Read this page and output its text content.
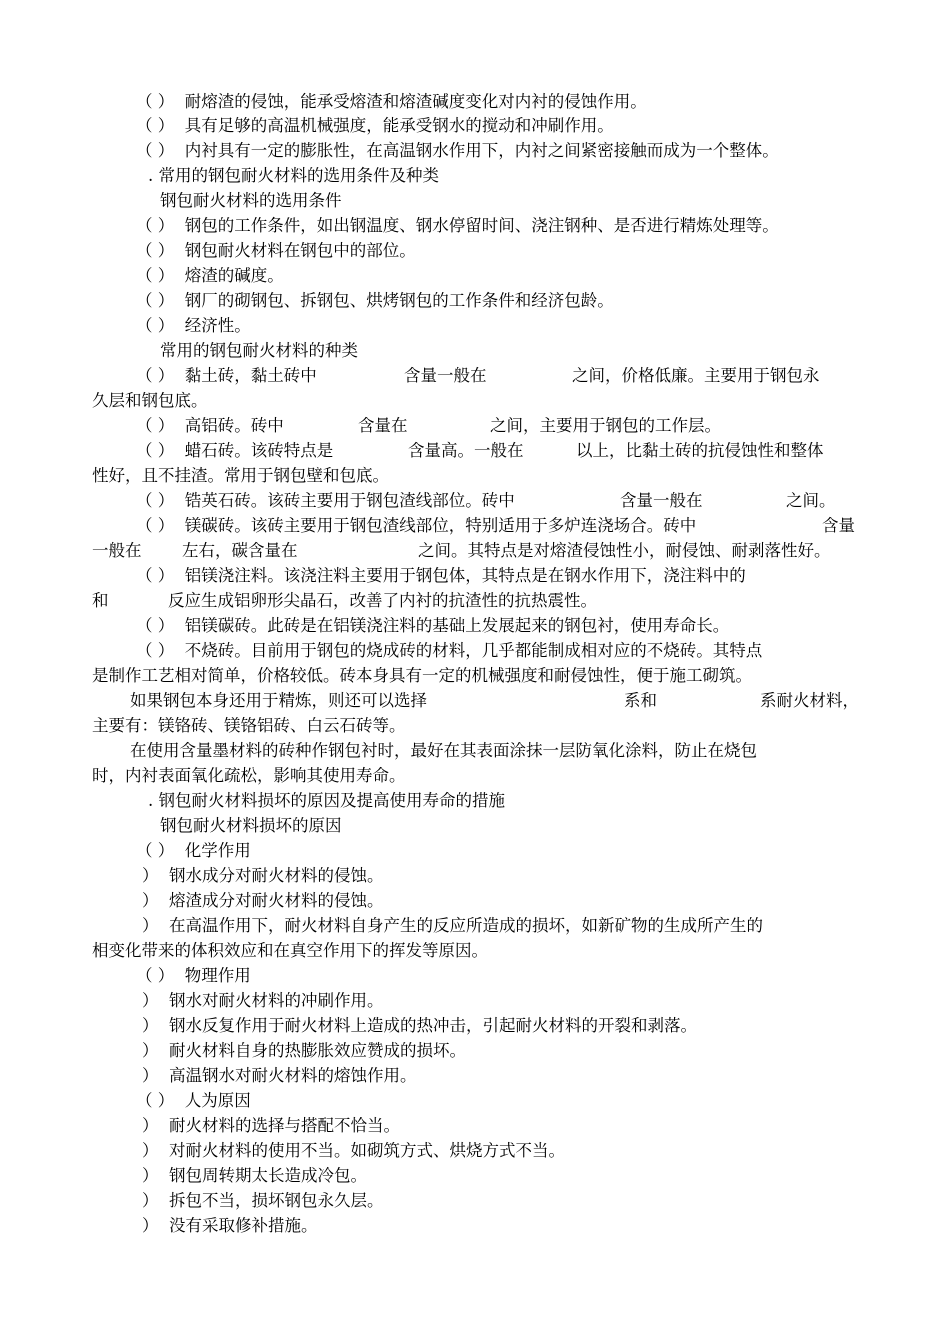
（ ）  耐熔渣的侵蚀，能承受熔渣和熔渣碱度变化对内衬的侵蚀作用。
（ ）  具有足够的高温机械强度，能承受钢水的搅动和冲刷作用。
（ ）  内衬具有一定的膨胀性，在高温钢水作用下，内衬之间紧密接触而成为一个整体。
. 常用的钢包耐火材料的选用条件及种类
钢包耐火材料的选用条件
（ ）  钢包的工作条件，如出钢温度、钢水停留时间、浇注钢种、是否进行精炼处理等。
（ ）  钢包耐火材料在钢包中的部位。
（ ）  熔渣的碱度。
（ ）  钢厂的砌钢包、拆钢包、烘烤钢包的工作条件和经济包龄。
（ ）  经济性。
常用的钢包耐火材料的种类
（ ）  黏土砖，黏土砖中	含量一般在	之间，价格低廉。主要用于钢包永
久层和钢包底。
（ ）  高铝砖。砖中	含量在	之间，主要用于钢包的工作层。
（ ）  蜡石砖。该砖特点是	含量高。一般在	以上，比黏土砖的抗侵蚀性和整体
性好，且不挂渣。常用于钢包壁和包底。
（ ）  锆英石砖。该砖主要用于钢包渣线部位。砖中	含量一般在	之间。
（ ）  镁碳砖。该砖主要用于钢包渣线部位，特别适用于多炉连浇场合。砖中	含量
一般在 左右，碳含量在	之间。其特点是对熔渣侵蚀性小，耐侵蚀、耐剥落性好。
（ ）  铝镁浇注料。该浇注料主要用于钢包体，其特点是在钢水作用下，浇注料中的
和	反应生成铝卵形尖晶石，改善了内衬的抗渣性的抗热震性。
（ ）  铝镁碳砖。此砖是在铝镁浇注料的基础上发展起来的钢包衬，使用寿命长。
（ ）  不烧砖。目前用于钢包的烧成砖的材料，几乎都能制成相对应的不烧砖。其特点
是制作工艺相对简单，价格较低。砖本身具有一定的机械强度和耐侵蚀性，便于施工砌筑。
如果钢包本身还用于精炼，则还可以选择	系和	系耐火材料，
主要有：镁铬砖、镁铬铝砖、白云石砖等。
在使用含量墨材料的砖种作钢包衬时，最好在其表面涂抹一层防氧化涂料，防止在烧包
时，内衬表面氧化疏松，影响其使用寿命。
. 钢包耐火材料损坏的原因及提高使用寿命的措施
钢包耐火材料损坏的原因
（ ）  化学作用
）  钢水成分对耐火材料的侵蚀。
）  熔渣成分对耐火材料的侵蚀。
）  在高温作用下，耐火材料自身产生的反应所造成的损坏，如新矿物的生成所产生的
相变化带来的体积效应和在真空作用下的挥发等原因。
（ ）  物理作用
）  钢水对耐火材料的冲刷作用。
）  钢水反复作用于耐火材料上造成的热冲击，引起耐火材料的开裂和剥落。
）  耐火材料自身的热膨胀效应赞成的损坏。
）  高温钢水对耐火材料的熔蚀作用。
（ ）  人为原因
）  耐火材料的选择与搭配不恰当。
）  对耐火材料的使用不当。如砌筑方式、烘烧方式不当。
）  钢包周转期太长造成冷包。
）  拆包不当，损坏钢包永久层。
）  没有采取修补措施。
